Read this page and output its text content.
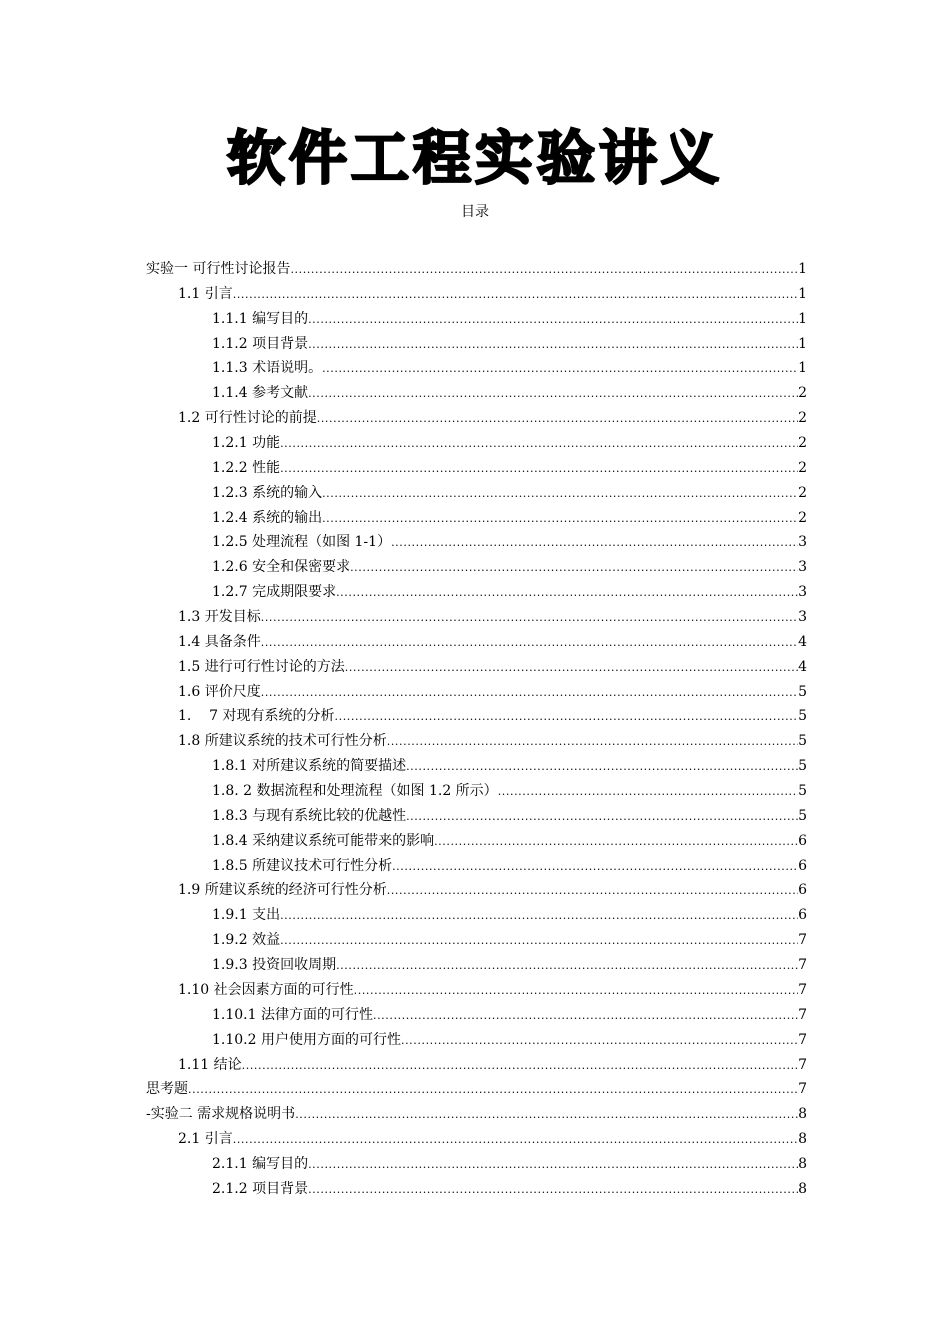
软件工程实验讲义
目录
实验一 可行性讨论报告 .....	1
1.1 引言 .....	1
1.1.1 编写目的 .....	1
1.1.2 项目背景 .....	1
1.1.3 术语说明。 .....	1
1.1.4 参考文献 .....	2
1.2 可行性讨论的前提 .....	2
1.2.1 功能 .....	2
1.2.2 性能 .....	2
1.2.3 系统的输入 .....	2
1.2.4 系统的输出 .....	2
1.2.5 处理流程（如图 1-1） .....	3
1.2.6 安全和保密要求 .....	3
1.2.7 完成期限要求 .....	3
1.3 开发目标 .....	3
1.4 具备条件 .....	4
1.5 进行可行性讨论的方法 .....	4
1.6 评价尺度 .....	5
1.    7 对现有系统的分析 .....	5
1.8 所建议系统的技术可行性分析 .....	5
1.8.1 对所建议系统的简要描述 .....	5
1.8. 2 数据流程和处理流程（如图 1.2 所示） .....	5
1.8.3 与现有系统比较的优越性 .....	5
1.8.4 采纳建议系统可能带来的影响 .....	6
1.8.5 所建议技术可行性分析 .....	6
1.9 所建议系统的经济可行性分析 .....	6
1.9.1 支出 .....	6
1.9.2 效益 .....	7
1.9.3 投资回收周期 .....	7
1.10 社会因素方面的可行性 .....	7
1.10.1 法律方面的可行性 .....	7
1.10.2 用户使用方面的可行性 .....	7
1.11 结论 .....	7
思考题 .....	7
-实验二 需求规格说明书 .....	8
2.1 引言 .....	8
2.1.1 编写目的 .....	8
2.1.2 项目背景 .....	8
